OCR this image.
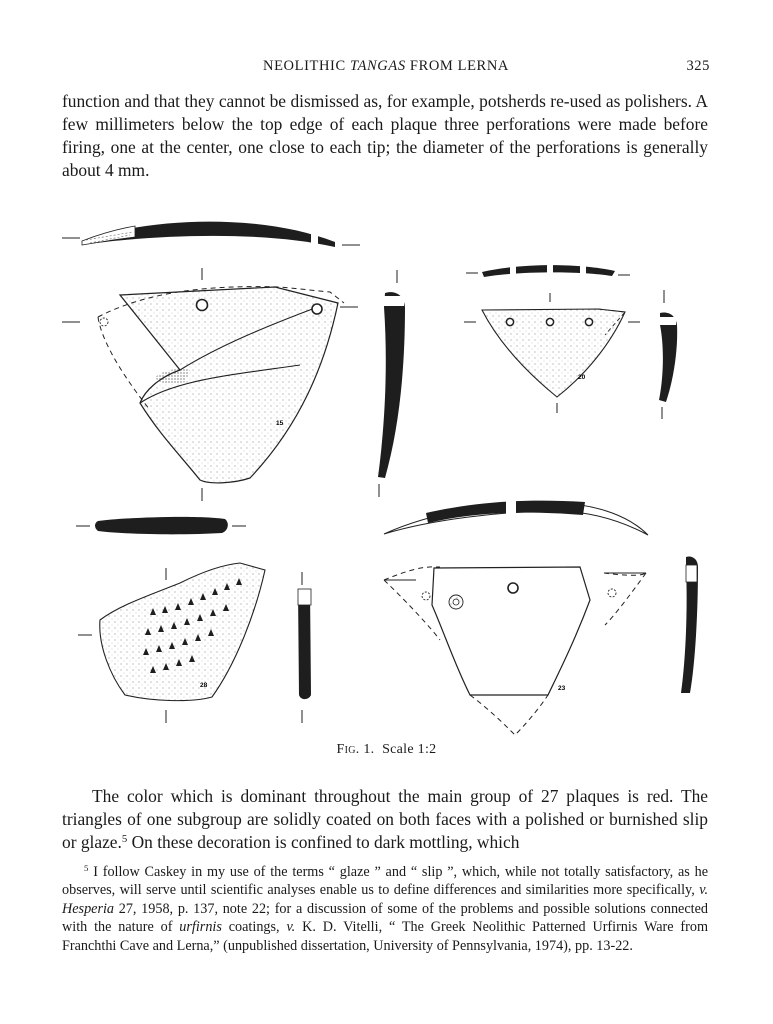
NEOLITHIC TANGAS FROM LERNA	325
function and that they cannot be dismissed as, for example, potsherds re-used as polishers. A few millimeters below the top edge of each plaque three perforations were made before firing, one at the center, one close to each tip; the diameter of the perforations is generally about 4 mm.
15
20
28	23
Fig. 1. Scale 1:2
The color which is dominant throughout the main group of 27 plaques is red. The triangles of one subgroup are solidly coated on both faces with a polished or burnished slip or glaze.$^5$ On these decoration is confined to dark mottling, which
$^5$ I follow Caskey in my use of the terms “ glaze ” and “ slip ”, which, while not totally satisfactory, as he observes, will serve until scientific analyses enable us to define differences and similarities more specifically, v. Hesperia 27, 1958, p. 137, note 22; for a discussion of some of the problems and possible solutions connected with the nature of urfirnis coatings, v. K. D. Vitelli, “ The Greek Neolithic Patterned Urfirnis Ware from Franchthi Cave and Lerna,” (unpublished dissertation, University of Pennsylvania, 1974), pp. 13-22.
